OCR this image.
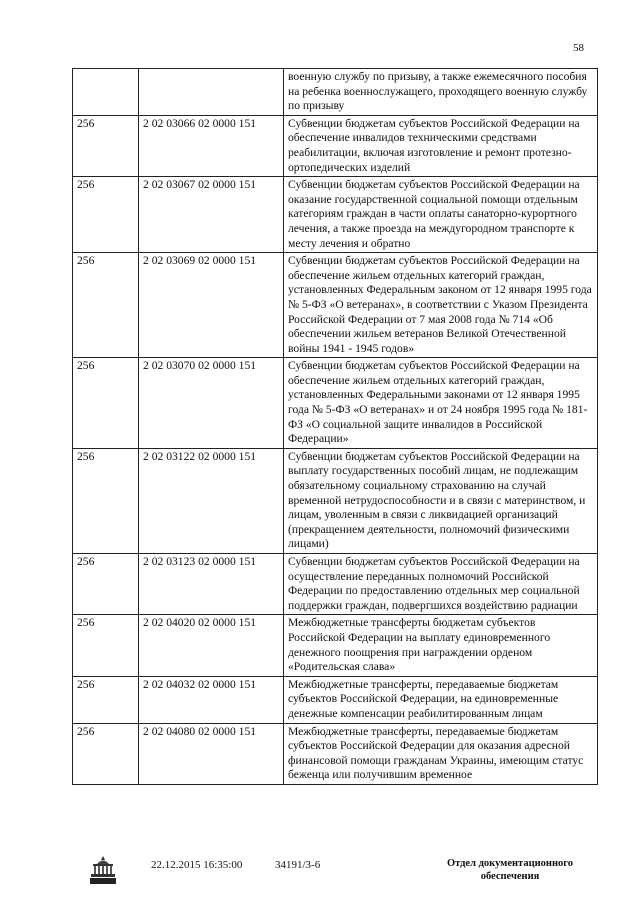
58
		военную службу по призыву, а также ежемесячного пособия на ребенка военнослужащего, проходящего военную службу по призыву
256	2 02 03066 02 0000 151	Субвенции бюджетам субъектов Российской Федерации на обеспечение инвалидов техническими средствами реабилитации, включая изготовление и ремонт протезно-ортопедических изделий
256	2 02 03067 02 0000 151	Субвенции бюджетам субъектов Российской Федерации на оказание государственной социальной помощи отдельным категориям граждан в части оплаты санаторно-курортного лечения, а также проезда на междугородном транспорте к месту лечения и обратно
256	2 02 03069 02 0000 151	Субвенции бюджетам субъектов Российской Федерации на обеспечение жильем отдельных категорий граждан, установленных Федеральным законом от 12 января 1995 года № 5-ФЗ «О ветеранах», в соответствии с Указом Президента Российской Федерации от 7 мая 2008 года № 714 «Об обеспечении жильем ветеранов Великой Отечественной войны 1941 - 1945 годов»
256	2 02 03070 02 0000 151	Субвенции бюджетам субъектов Российской Федерации на обеспечение жильем отдельных категорий граждан, установленных Федеральными законами от 12 января 1995 года № 5-ФЗ «О ветеранах» и от 24 ноября 1995 года № 181-ФЗ «О социальной защите инвалидов в Российской Федерации»
256	2 02 03122 02 0000 151	Субвенции бюджетам субъектов Российской Федерации на выплату государственных пособий лицам, не подлежащим обязательному социальному страхованию на случай временной нетрудоспособности и в связи с материнством, и лицам, уволенным в связи с ликвидацией организаций (прекращением деятельности, полномочий физическими лицами)
256	2 02 03123 02 0000 151	Субвенции бюджетам субъектов Российской Федерации на осуществление переданных полномочий Российской Федерации по предоставлению отдельных мер социальной поддержки граждан, подвергшихся воздействию радиации
256	2 02 04020 02 0000 151	Межбюджетные трансферты бюджетам субъектов Российской Федерации на выплату единовременного денежного поощрения при награждении орденом «Родительская слава»
256	2 02 04032 02 0000 151	Межбюджетные трансферты, передаваемые бюджетам субъектов Российской Федерации, на единовременные денежные компенсации реабилитированным лицам
256	2 02 04080 02 0000 151	Межбюджетные трансферты, передаваемые бюджетам субъектов Российской Федерации для оказания адресной финансовой помощи гражданам Украины, имеющим статус беженца или получившим временное
22.12.2015 16:35:00	34191/3-6	Отдел документационного обеспечения
